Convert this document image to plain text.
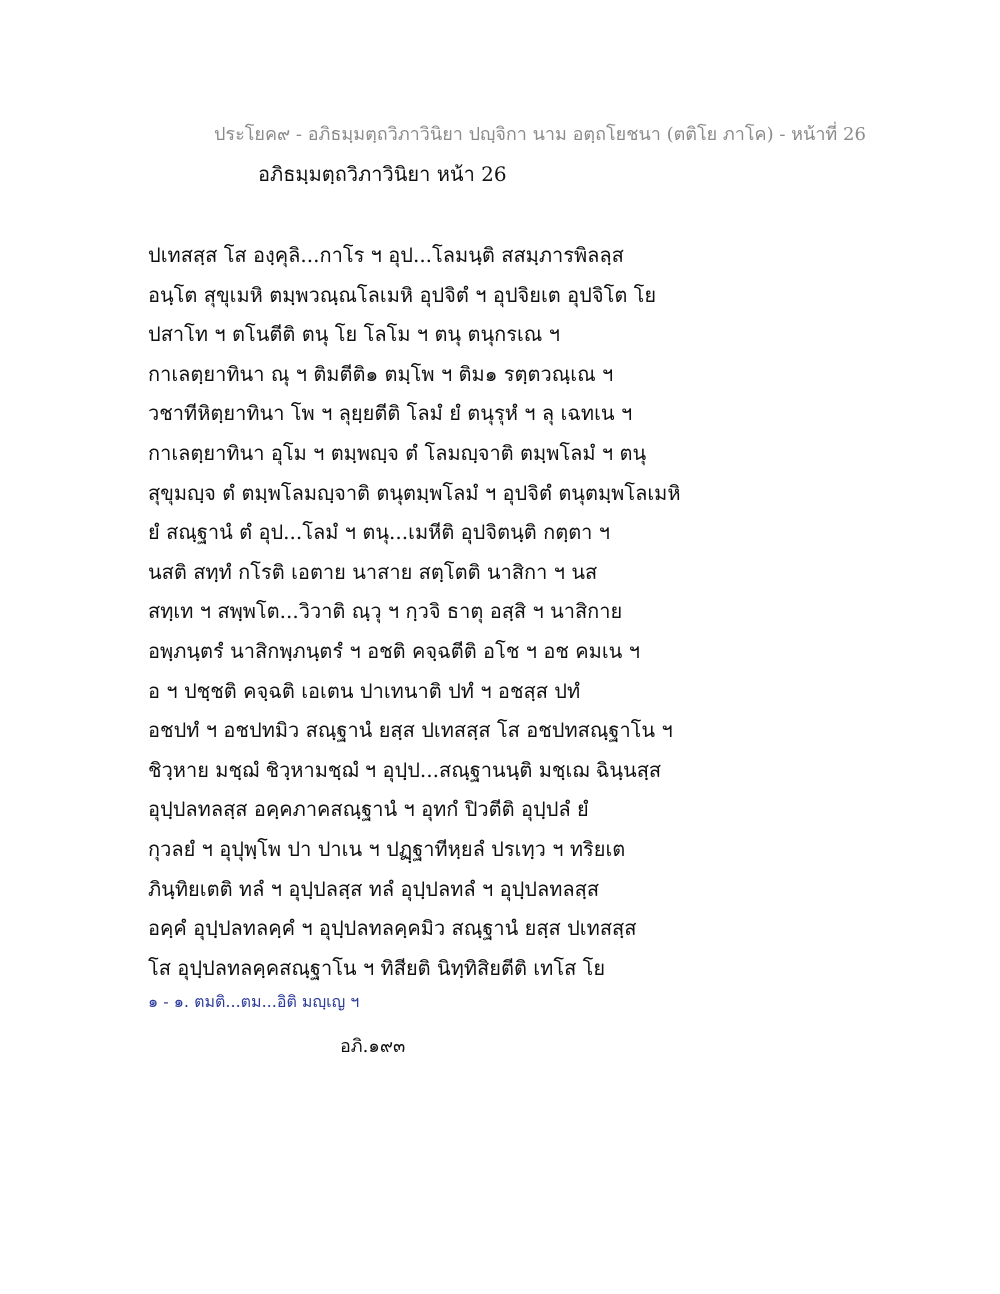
ประโยค๙ - อภิธมฺมตฺถวิภาวินิยา ปญฺจิกา นาม อตฺถโยชนา (ตติโย ภาโค) - หน้าที่ 26
อภิธมฺมตฺถวิภาวินิยา หน้า 26
ปเทสสฺส โส องฺคุลิ...กาโร ฯ อุป...โลมนฺติ สสมฺภารพิลลฺส
อนฺโต สุขุเมหิ ตมฺพวณฺณโลเมหิ อุปจิตํ ฯ อุปจิยเต อุปจิโต โย
ปสาโท ฯ ตโนตีติ ตนุ โย โลโม ฯ ตนุ ตนุกรเณ ฯ
กาเลตฺยาทินา ณุ ฯ ติมตีติ๑ ตมฺโพ ฯ ติม๑ รตฺตวณฺเณ ฯ
วชาทีหิตฺยาทินา โพ ฯ ลุยฺยตีติ โลมํ ยํ ตนุรุหํ ฯ ลุ เฉทเน ฯ
กาเลตฺยาทินา อุโม ฯ ตมฺพญฺจ ตํ โลมญฺจาติ ตมฺพโลมํ ฯ ตนุ
สุขุมญฺจ ตํ ตมฺพโลมญฺจาติ ตนุตมฺพโลมํ ฯ อุปจิตํ ตนุตมฺพโลเมหิ
ยํ สณฺฐานํ ตํ อุป...โลมํ ฯ ตนุ...เมหีติ อุปจิตนฺติ กตฺตา ฯ
นสติ สทฺทํ กโรติ เอตาย นาสาย สตฺโตติ นาสิกา ฯ นส
สทฺเท ฯ สพฺพโต...วิวาติ ณฺวุ ฯ กฺวจิ ธาตุ อสฺสิ ฯ นาสิกาย
อพฺภนฺตรํ นาสิกพฺภนฺตรํ ฯ อชติ คจฺฉตีติ อโช ฯ อช คมเน ฯ
อ ฯ ปชฺชติ คจฺฉติ เอเตน ปาเทนาติ ปทํ ฯ อชสฺส ปทํ
อชปทํ ฯ อชปทมิว สณฺฐานํ ยสฺส ปเทสสฺส โส อชปทสณฺฐาโน ฯ
ชิวฺหาย มชฺฌํ ชิวฺหามชฺฌํ ฯ อุปฺป...สณฺฐานนฺติ มชฺเฌ ฉินฺนสฺส
อุปฺปลทลสฺส อคฺคภาคสณฺฐานํ ฯ อุทกํ ปิวตีติ อุปฺปลํ ยํ
กุวลยํ ฯ อุปุพฺโพ ปา ปาเน ฯ ปฏฺฐาทีหฺยลํ ปรเทฺว ฯ ทริยเต
ภินฺทิยเตติ ทลํ ฯ อุปฺปลสฺส ทลํ อุปฺปลทลํ ฯ อุปฺปลทลสฺส
อคฺคํ อุปฺปลทลคฺคํ ฯ อุปฺปลทลคฺคมิว สณฺฐานํ ยสฺส ปเทสสฺส
โส อุปฺปลทลคฺคสณฺฐาโน ฯ ทิสียติ นิทฺทิสิยตีติ เทโส โย
๑ - ๑. ตมติ...ตม...อิติ มญฺเญ ฯ
อภิ.๑๙๓
